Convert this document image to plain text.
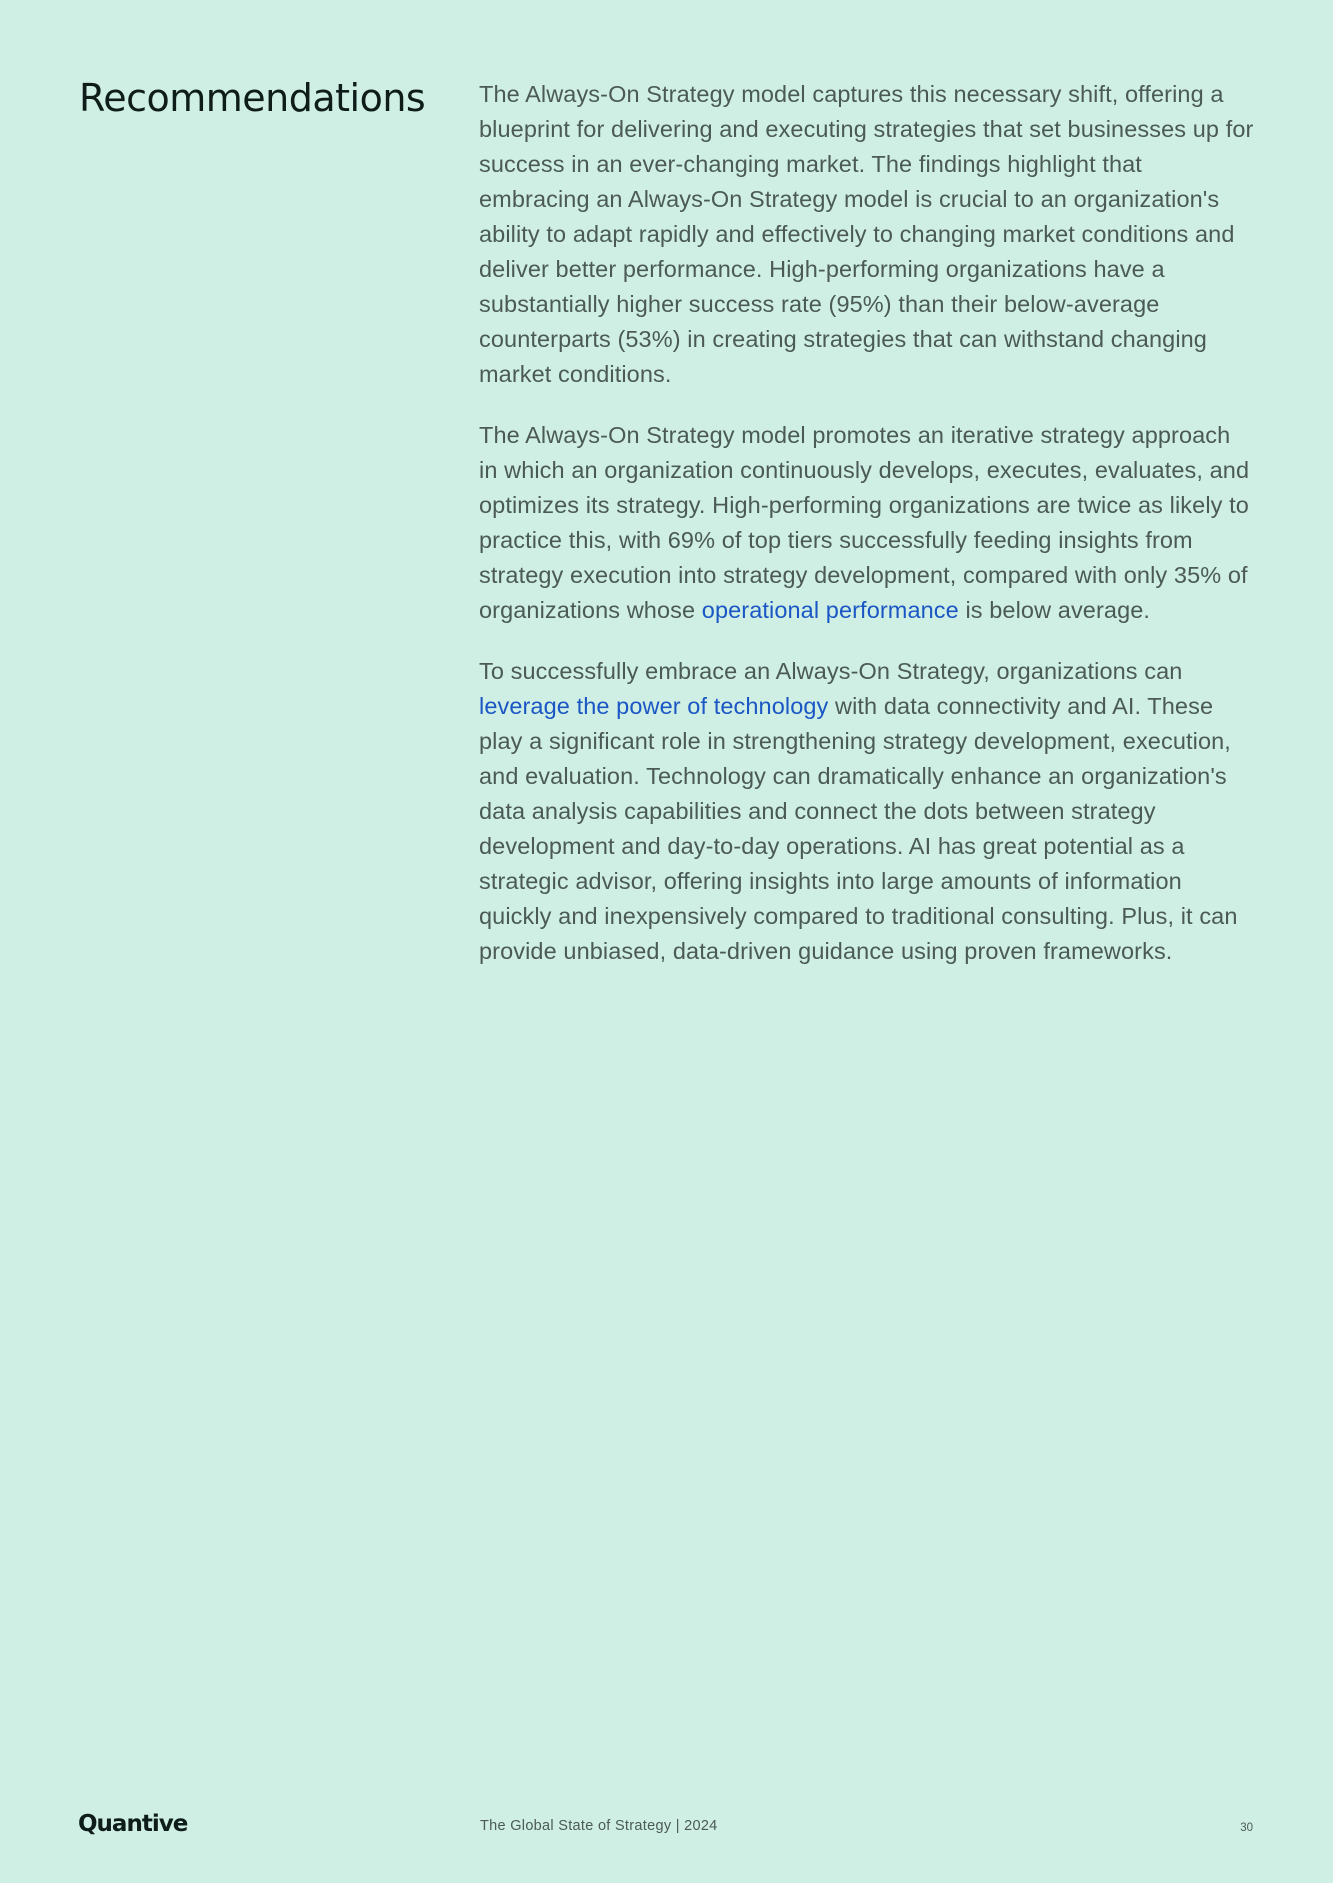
Recommendations The Always-On Strategy model captures this necessary shift, offering a blueprint for delivering and executing strategies that set businesses up for success in an ever-changing market. The findings highlight that embracing an Always-On Strategy model is crucial to an organization's ability to adapt rapidly and effectively to changing market conditions and deliver better performance. High-performing organizations have a substantially higher success rate (95%) than their below-average counterparts (53%) in creating strategies that can withstand changing market conditions.

The Always-On Strategy model promotes an iterative strategy approach in which an organization continuously develops, executes, evaluates, and optimizes its strategy. High-performing organizations are twice as likely to practice this, with 69% of top tiers successfully feeding insights from strategy execution into strategy development, compared with only 35% of organizations whose operational performance is below average.

To successfully embrace an Always-On Strategy, organizations can leverage the power of technology with data connectivity and AI. These play a significant role in strengthening strategy development, execution, and evaluation. Technology can dramatically enhance an organization's data analysis capabilities and connect the dots between strategy development and day-to-day operations. AI has great potential as a strategic advisor, offering insights into large amounts of information quickly and inexpensively compared to traditional consulting. Plus, it can provide unbiased, data-driven guidance using proven frameworks.

Quantive	The Global State of Strategy | 2024	30
